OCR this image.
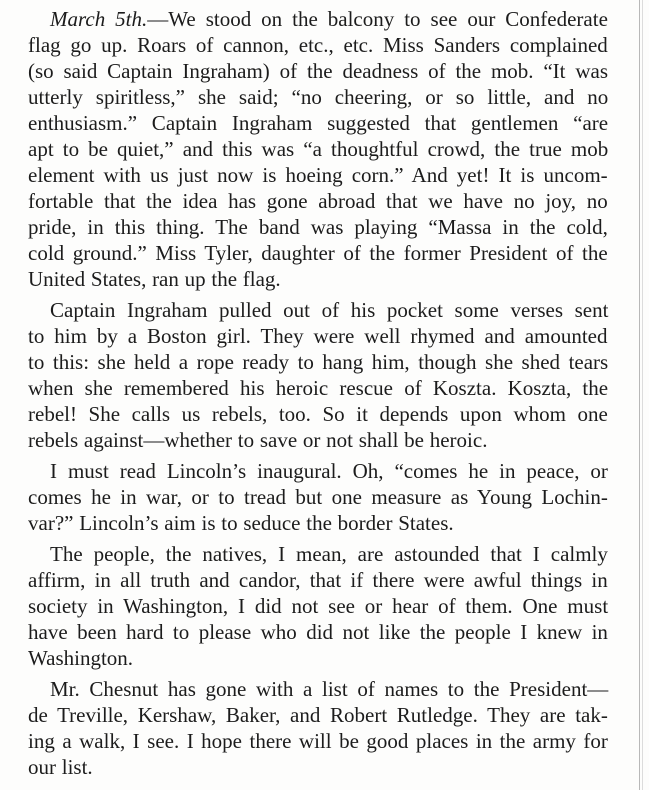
March 5th.—We stood on the balcony to see our Confederate
flag go up. Roars of cannon, etc., etc. Miss Sanders complained
(so said Captain Ingraham) of the deadness of the mob. “It was
utterly spiritless,” she said; “no cheering, or so little, and no
enthusiasm.” Captain Ingraham suggested that gentlemen “are
apt to be quiet,” and this was “a thoughtful crowd, the true mob
element with us just now is hoeing corn.” And yet! It is uncom-
fortable that the idea has gone abroad that we have no joy, no
pride, in this thing. The band was playing “Massa in the cold,
cold ground.” Miss Tyler, daughter of the former President of the
United States, ran up the flag.

Captain Ingraham pulled out of his pocket some verses sent
to him by a Boston girl. They were well rhymed and amounted
to this: she held a rope ready to hang him, though she shed tears
when she remembered his heroic rescue of Koszta. Koszta, the
rebel! She calls us rebels, too. So it depends upon whom one
rebels against—whether to save or not shall be heroic.

I must read Lincoln’s inaugural. Oh, “comes he in peace, or
comes he in war, or to tread but one measure as Young Lochin-
var?” Lincoln’s aim is to seduce the border States.

The people, the natives, I mean, are astounded that I calmly
affirm, in all truth and candor, that if there were awful things in
society in Washington, I did not see or hear of them. One must
have been hard to please who did not like the people I knew in
Washington.

Mr. Chesnut has gone with a list of names to the President—
de Treville, Kershaw, Baker, and Robert Rutledge. They are tak-
ing a walk, I see. I hope there will be good places in the army for
our list.
